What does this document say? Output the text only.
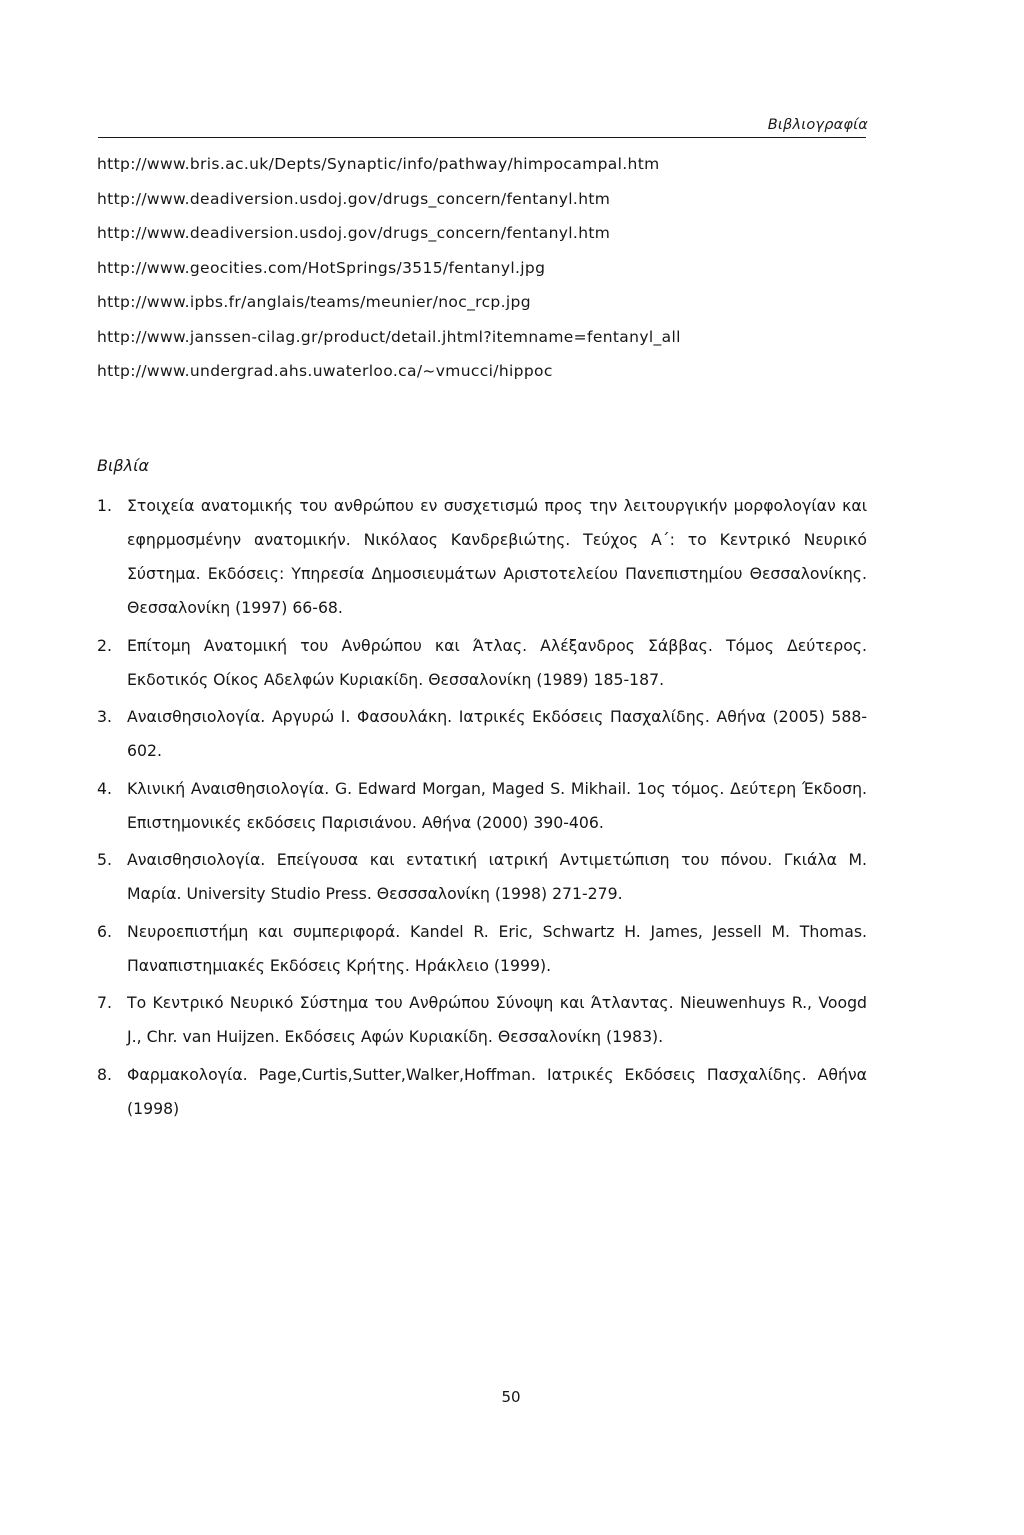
Βιβλιογραφία
http://www.bris.ac.uk/Depts/Synaptic/info/pathway/himpocampal.htm
http://www.deadiversion.usdoj.gov/drugs_concern/fentanyl.htm
http://www.deadiversion.usdoj.gov/drugs_concern/fentanyl.htm
http://www.geocities.com/HotSprings/3515/fentanyl.jpg
http://www.ipbs.fr/anglais/teams/meunier/noc_rcp.jpg
http://www.janssen-cilag.gr/product/detail.jhtml?itemname=fentanyl_all
http://www.undergrad.ahs.uwaterloo.ca/~vmucci/hippoc
Βιβλία
1. Στοιχεία ανατομικής του ανθρώπου εν συσχετισμώ προς την λειτουργικήν μορφολογίαν και εφηρμοσμένην ανατομικήν. Νικόλαος Κανδρεβιώτης. Τεύχος Α΄: το Κεντρικό Νευρικό Σύστημα. Εκδόσεις: Υπηρεσία Δημοσιευμάτων Αριστοτελείου Πανεπιστημίου Θεσσαλονίκης. Θεσσαλονίκη (1997) 66-68.
2. Επίτομη Ανατομική του Ανθρώπου και Άτλας. Αλέξανδρος Σάββας. Τόμος Δεύτερος. Εκδοτικός Οίκος Αδελφών Κυριακίδη. Θεσσαλονίκη (1989) 185-187.
3. Αναισθησιολογία. Αργυρώ Ι. Φασουλάκη. Ιατρικές Εκδόσεις Πασχαλίδης. Αθήνα (2005) 588-602.
4. Κλινική Αναισθησιολογία. G. Edward Morgan, Maged S. Mikhail. 1ος τόμος. Δεύτερη Έκδοση. Επιστημονικές εκδόσεις Παρισιάνου. Αθήνα (2000) 390-406.
5. Αναισθησιολογία. Επείγουσα και εντατική ιατρική Αντιμετώπιση του πόνου. Γκιάλα Μ. Μαρία. University Studio Press. Θεσσσαλονίκη (1998) 271-279.
6. Νευροεπιστήμη και συμπεριφορά. Kandel R. Eric, Schwartz H. James, Jessell M. Thomas. Παναπιστημιακές Εκδόσεις Κρήτης. Ηράκλειο (1999).
7. Το Κεντρικό Νευρικό Σύστημα του Ανθρώπου Σύνοψη και Άτλαντας. Nieuwenhuys R., Voogd J., Chr. van Huijzen. Εκδόσεις Αφών Κυριακίδη. Θεσσαλονίκη (1983).
8. Φαρμακολογία. Page,Curtis,Sutter,Walker,Hoffman. Ιατρικές Εκδόσεις Πασχαλίδης. Αθήνα (1998)
50
